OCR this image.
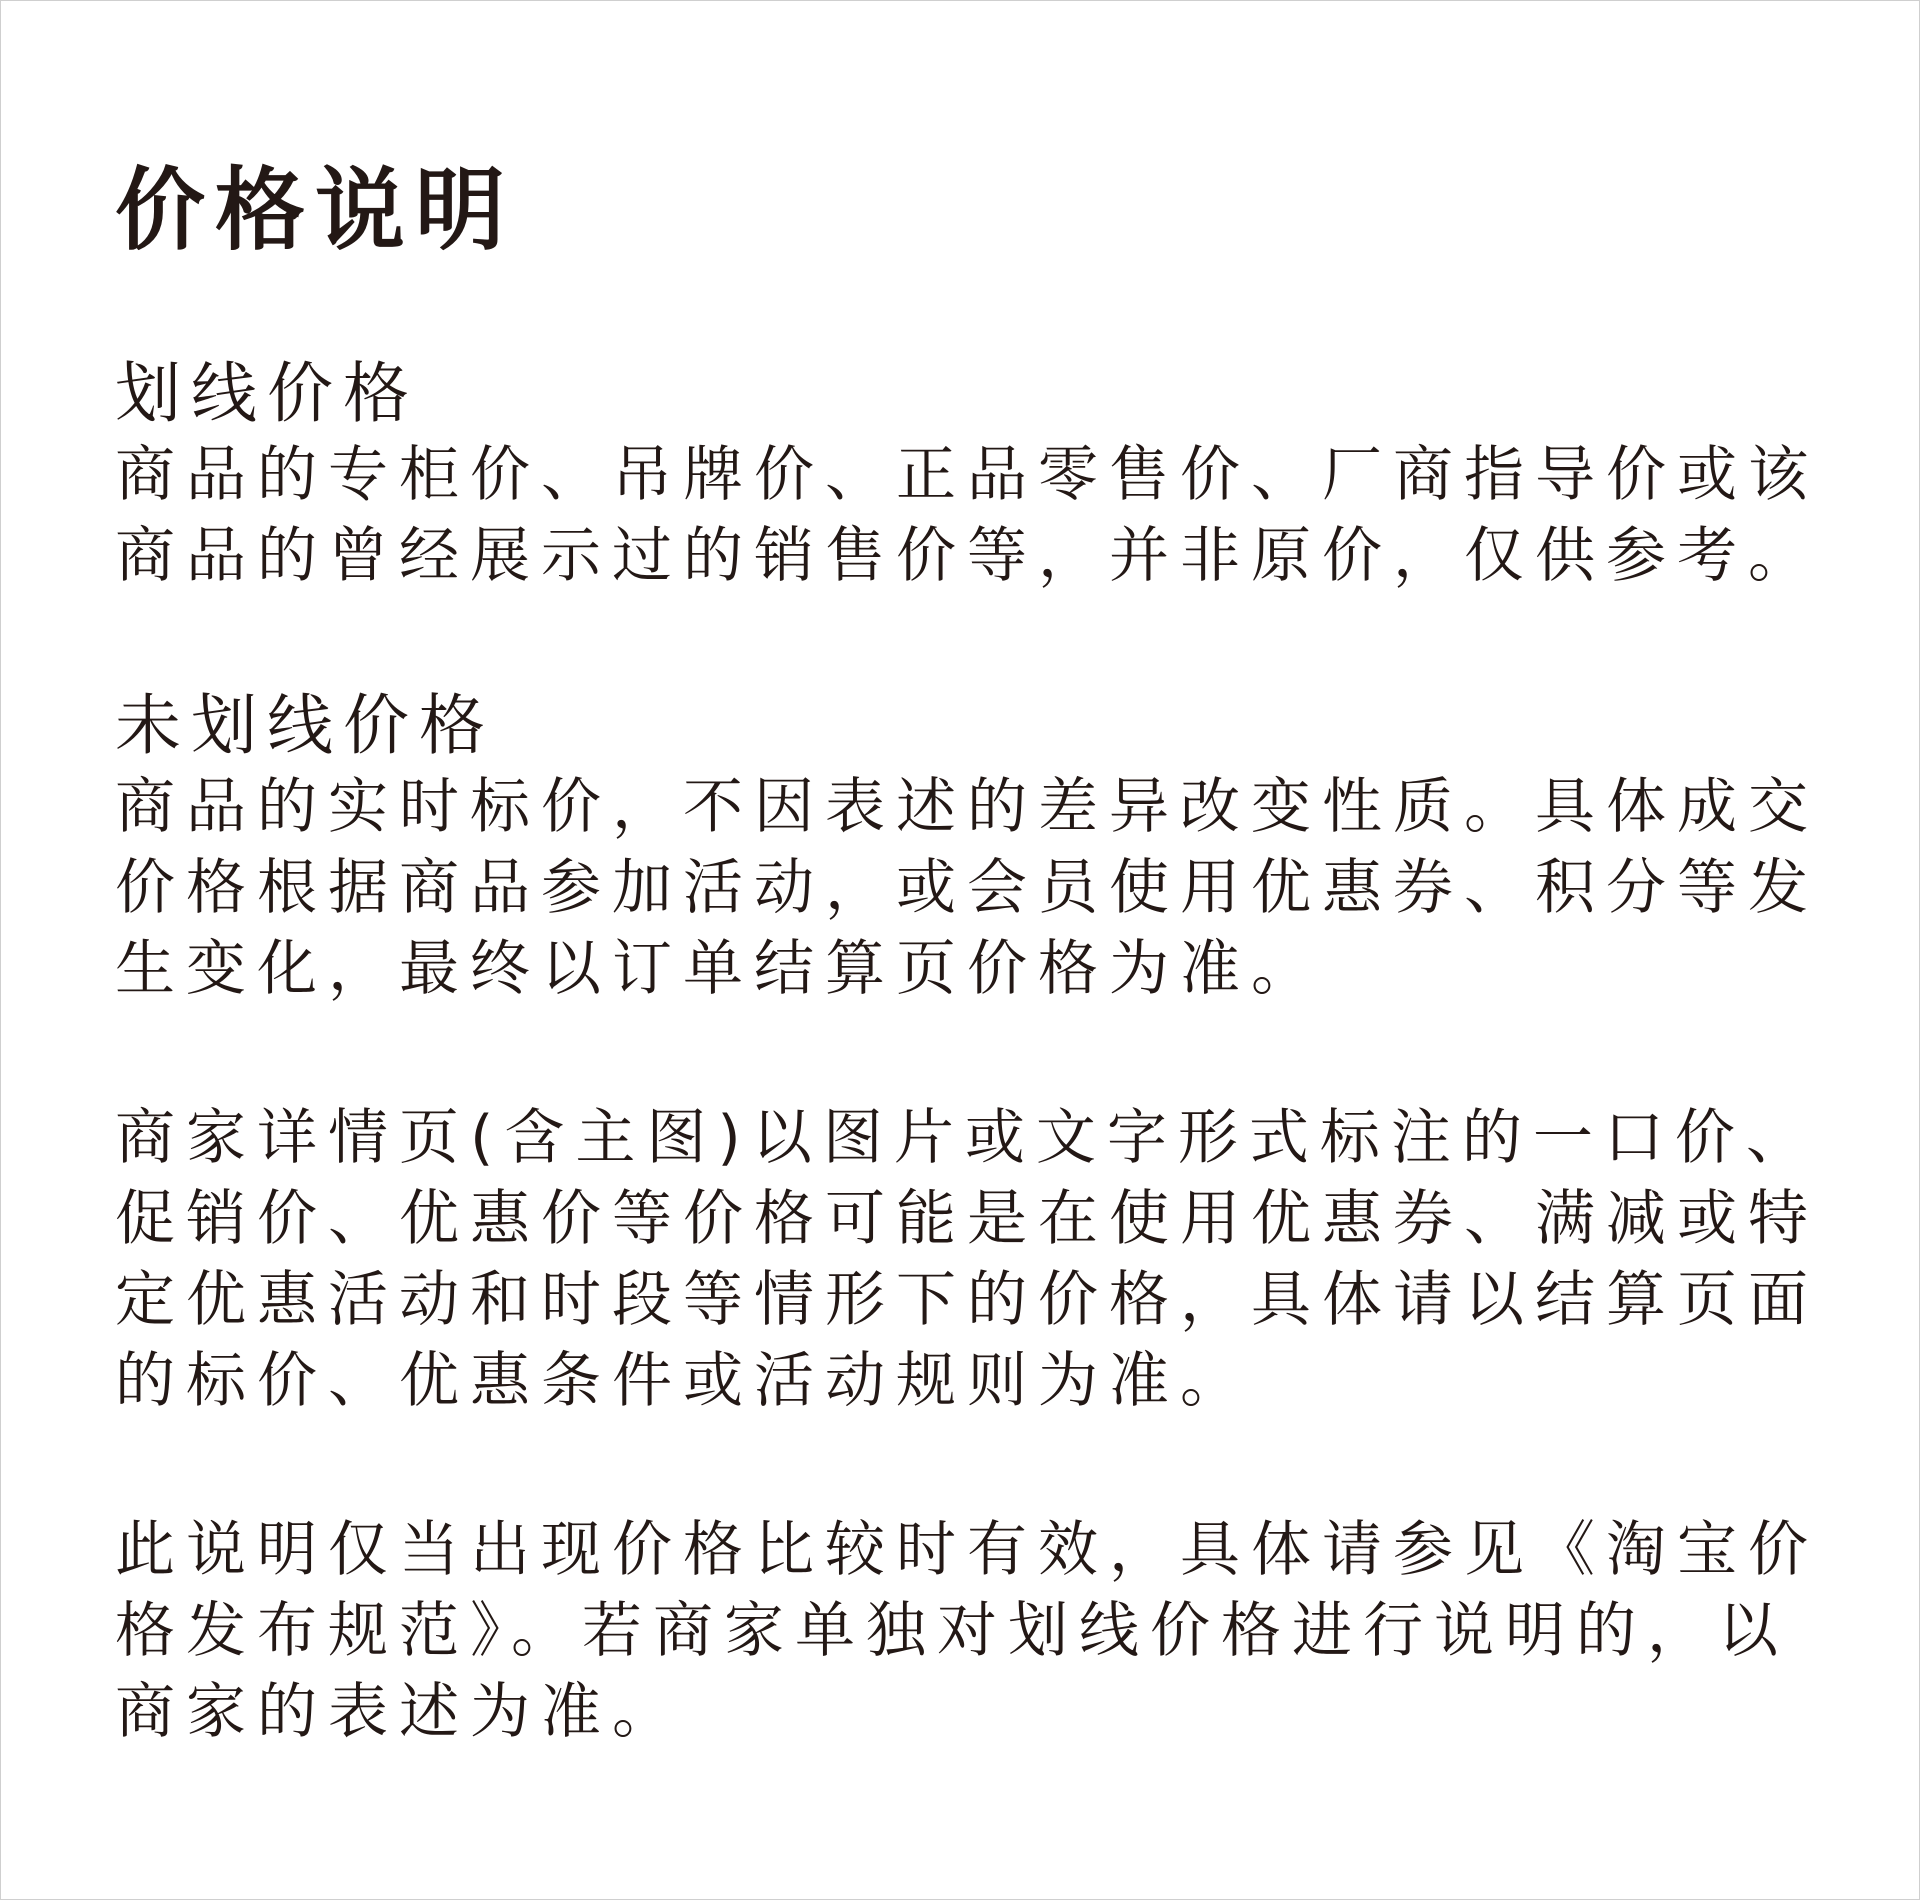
价格说明
划线价格

商品的专柜价、吊牌价、正品零售价、厂商指导价或该
商品的曾经展示过的销售价等，并非原价，仅供参考。

未划线价格

商品的实时标价，不因表述的差异改变性质。具体成交
价格根据商品参加活动，或会员使用优惠券、积分等发
生变化，最终以订单结算页价格为准。

商家详情页(含主图)以图片或文字形式标注的一口价、
促销价、优惠价等价格可能是在使用优惠券、满减或特
定优惠活动和时段等情形下的价格，具体请以结算页面
的标价、优惠条件或活动规则为准。

此说明仅当出现价格比较时有效，具体请参见《淘宝价
格发布规范》。若商家单独对划线价格进行说明的，以
商家的表述为准。
